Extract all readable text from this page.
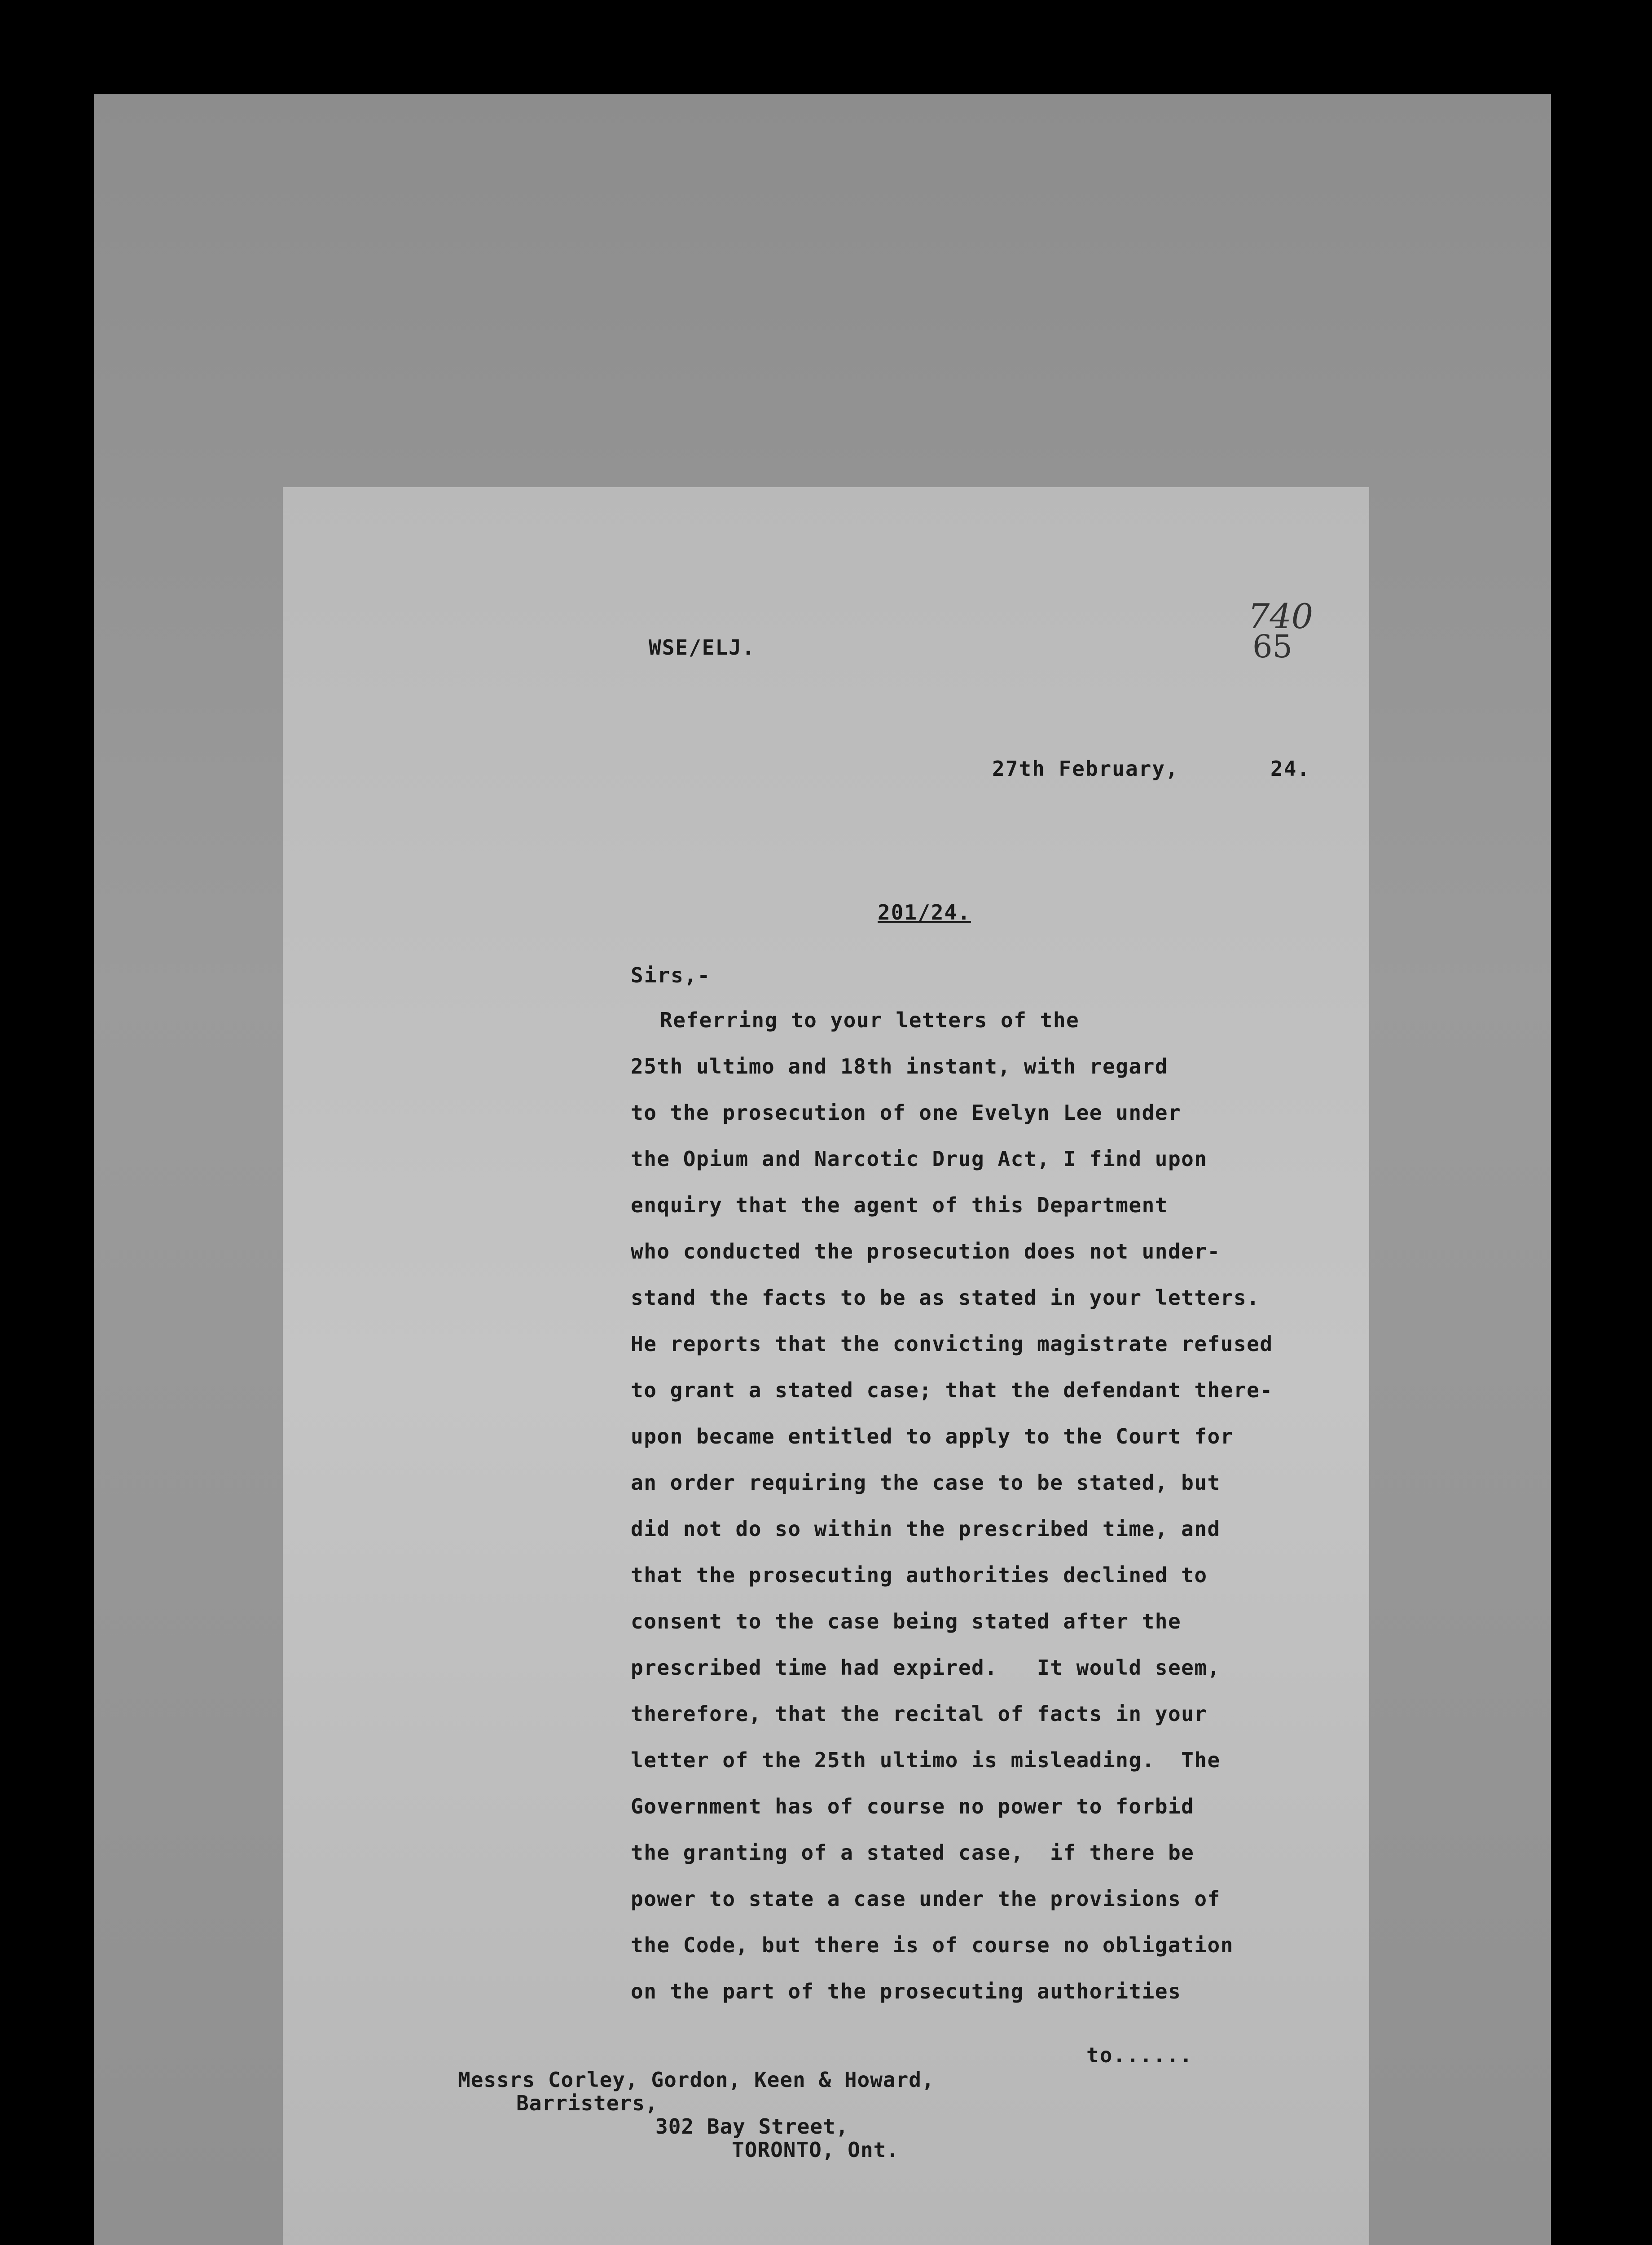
WSE/ELJ.
740
65
27th February,	24.
201/24.
Sirs,-
Referring to your letters of the
25th ultimo and 18th instant, with regard
to the prosecution of one Evelyn Lee under
the Opium and Narcotic Drug Act, I find upon
enquiry that the agent of this Department
who conducted the prosecution does not under-
stand the facts to be as stated in your letters.
He reports that the convicting magistrate refused
to grant a stated case; that the defendant there-
upon became entitled to apply to the Court for
an order requiring the case to be stated, but
did not do so within the prescribed time, and
that the prosecuting authorities declined to
consent to the case being stated after the
prescribed time had expired.   It would seem,
therefore, that the recital of facts in your
letter of the 25th ultimo is misleading.  The
Government has of course no power to forbid
the granting of a stated case,  if there be
power to state a case under the provisions of
the Code, but there is of course no obligation
on the part of the prosecuting authorities
to......
Messrs Corley, Gordon, Keen & Howard,
Barristers,
302 Bay Street,
TORONTO, Ont.
